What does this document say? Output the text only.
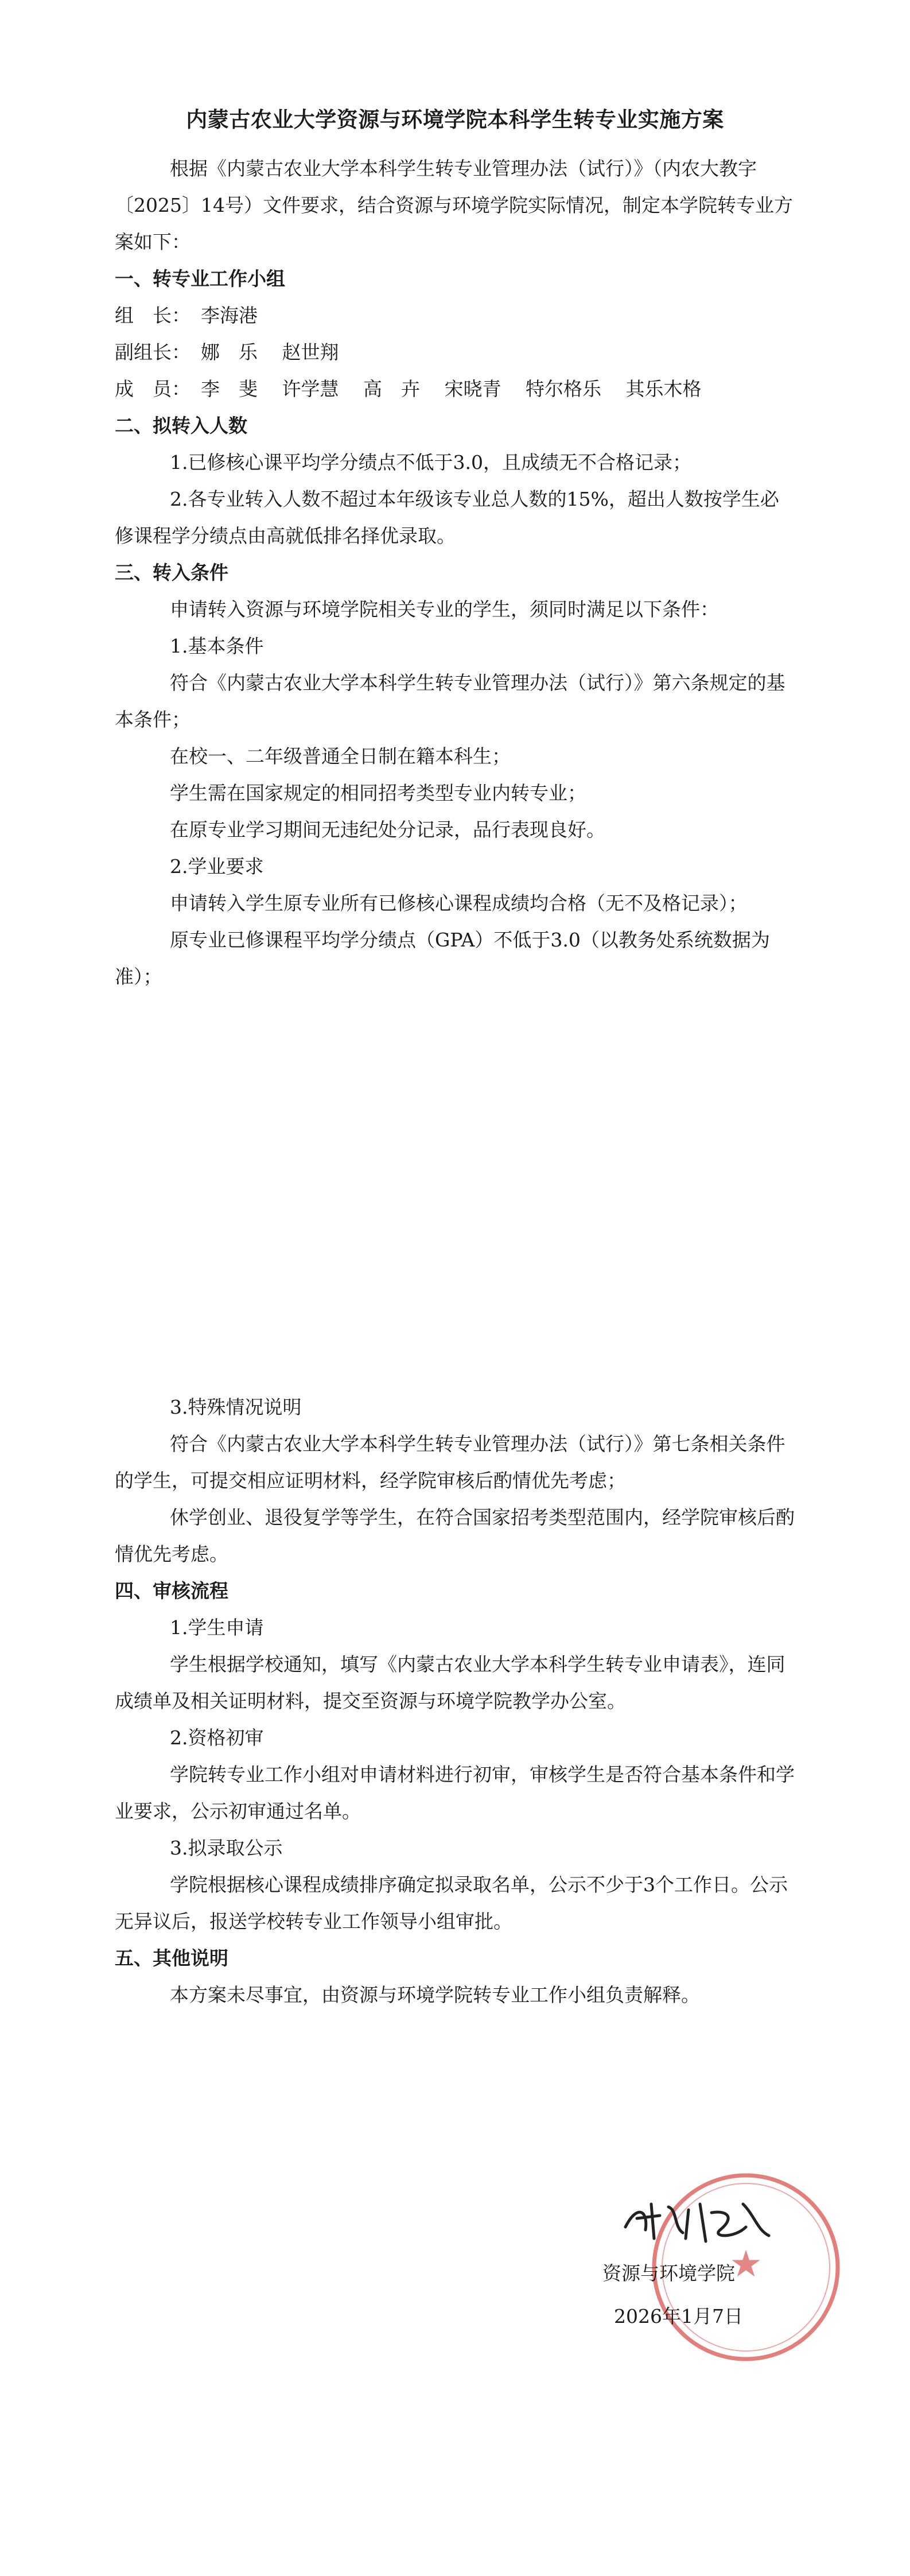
内蒙古农业大学资源与环境学院本科学生转专业实施方案

根据《内蒙古农业大学本科学生转专业管理办法（试行）》（内农大教字〔2025〕14号）文件要求，结合资源与环境学院实际情况，制定本学院转专业方案如下：

一、转专业工作小组

组　长： 李海港
副组长： 娜　乐 赵世翔
成　员： 李　斐 许学慧 高　卉 宋晓青 特尔格乐 其乐木格

二、拟转入人数

1.已修核心课平均学分绩点不低于3.0，且成绩无不合格记录；

2.各专业转入人数不超过本年级该专业总人数的15%，超出人数按学生必修课程学分绩点由高就低排名择优录取。

三、转入条件

申请转入资源与环境学院相关专业的学生，须同时满足以下条件：

1.基本条件

符合《内蒙古农业大学本科学生转专业管理办法（试行）》第六条规定的基本条件；

在校一、二年级普通全日制在籍本科生；

学生需在国家规定的相同招考类型专业内转专业；

在原专业学习期间无违纪处分记录，品行表现良好。

2.学业要求

申请转入学生原专业所有已修核心课程成绩均合格（无不及格记录）；

原专业已修课程平均学分绩点（GPA）不低于3.0（以教务处系统数据为准）；

3.特殊情况说明

符合《内蒙古农业大学本科学生转专业管理办法（试行）》第七条相关条件的学生，可提交相应证明材料，经学院审核后酌情优先考虑；

休学创业、退役复学等学生，在符合国家招考类型范围内，经学院审核后酌情优先考虑。

四、审核流程

1.学生申请

学生根据学校通知，填写《内蒙古农业大学本科学生转专业申请表》，连同成绩单及相关证明材料，提交至资源与环境学院教学办公室。

2.资格初审

学院转专业工作小组对申请材料进行初审，审核学生是否符合基本条件和学业要求，公示初审通过名单。

3.拟录取公示

学院根据核心课程成绩排序确定拟录取名单，公示不少于3个工作日。公示无异议后，报送学校转专业工作领导小组审批。

五、其他说明

本方案未尽事宜，由资源与环境学院转专业工作小组负责解释。

★
资源与环境学院
2026年1月7日
